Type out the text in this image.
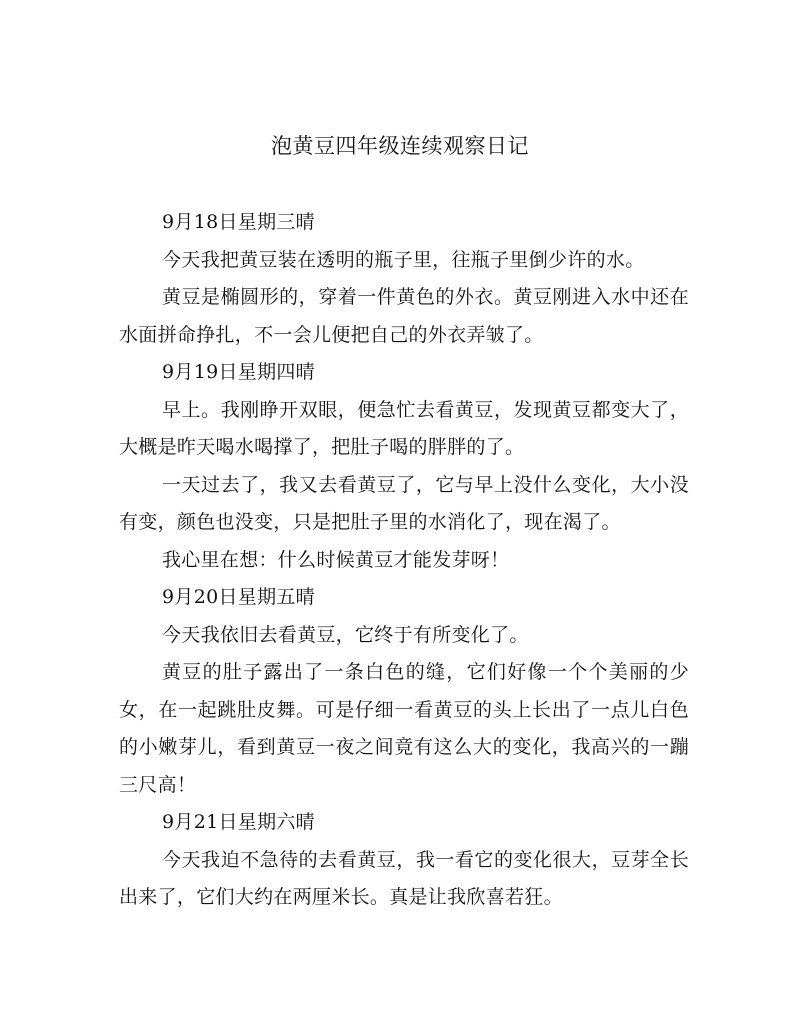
泡黄豆四年级连续观察日记

9月18日星期三晴

今天我把黄豆装在透明的瓶子里，往瓶子里倒少许的水。

黄豆是椭圆形的，穿着一件黄色的外衣。黄豆刚进入水中还在水面拼命挣扎，不一会儿便把自己的外衣弄皱了。

9月19日星期四晴

早上。我刚睁开双眼，便急忙去看黄豆，发现黄豆都变大了，大概是昨天喝水喝撑了，把肚子喝的胖胖的了。

一天过去了，我又去看黄豆了，它与早上没什么变化，大小没有变，颜色也没变，只是把肚子里的水消化了，现在渴了。

我心里在想：什么时候黄豆才能发芽呀！

9月20日星期五晴

今天我依旧去看黄豆，它终于有所变化了。

黄豆的肚子露出了一条白色的缝，它们好像一个个美丽的少女，在一起跳肚皮舞。可是仔细一看黄豆的头上长出了一点儿白色的小嫩芽儿，看到黄豆一夜之间竟有这么大的变化，我高兴的一蹦三尺高！

9月21日星期六晴

今天我迫不急待的去看黄豆，我一看它的变化很大，豆芽全长出来了，它们大约在两厘米长。真是让我欣喜若狂。
